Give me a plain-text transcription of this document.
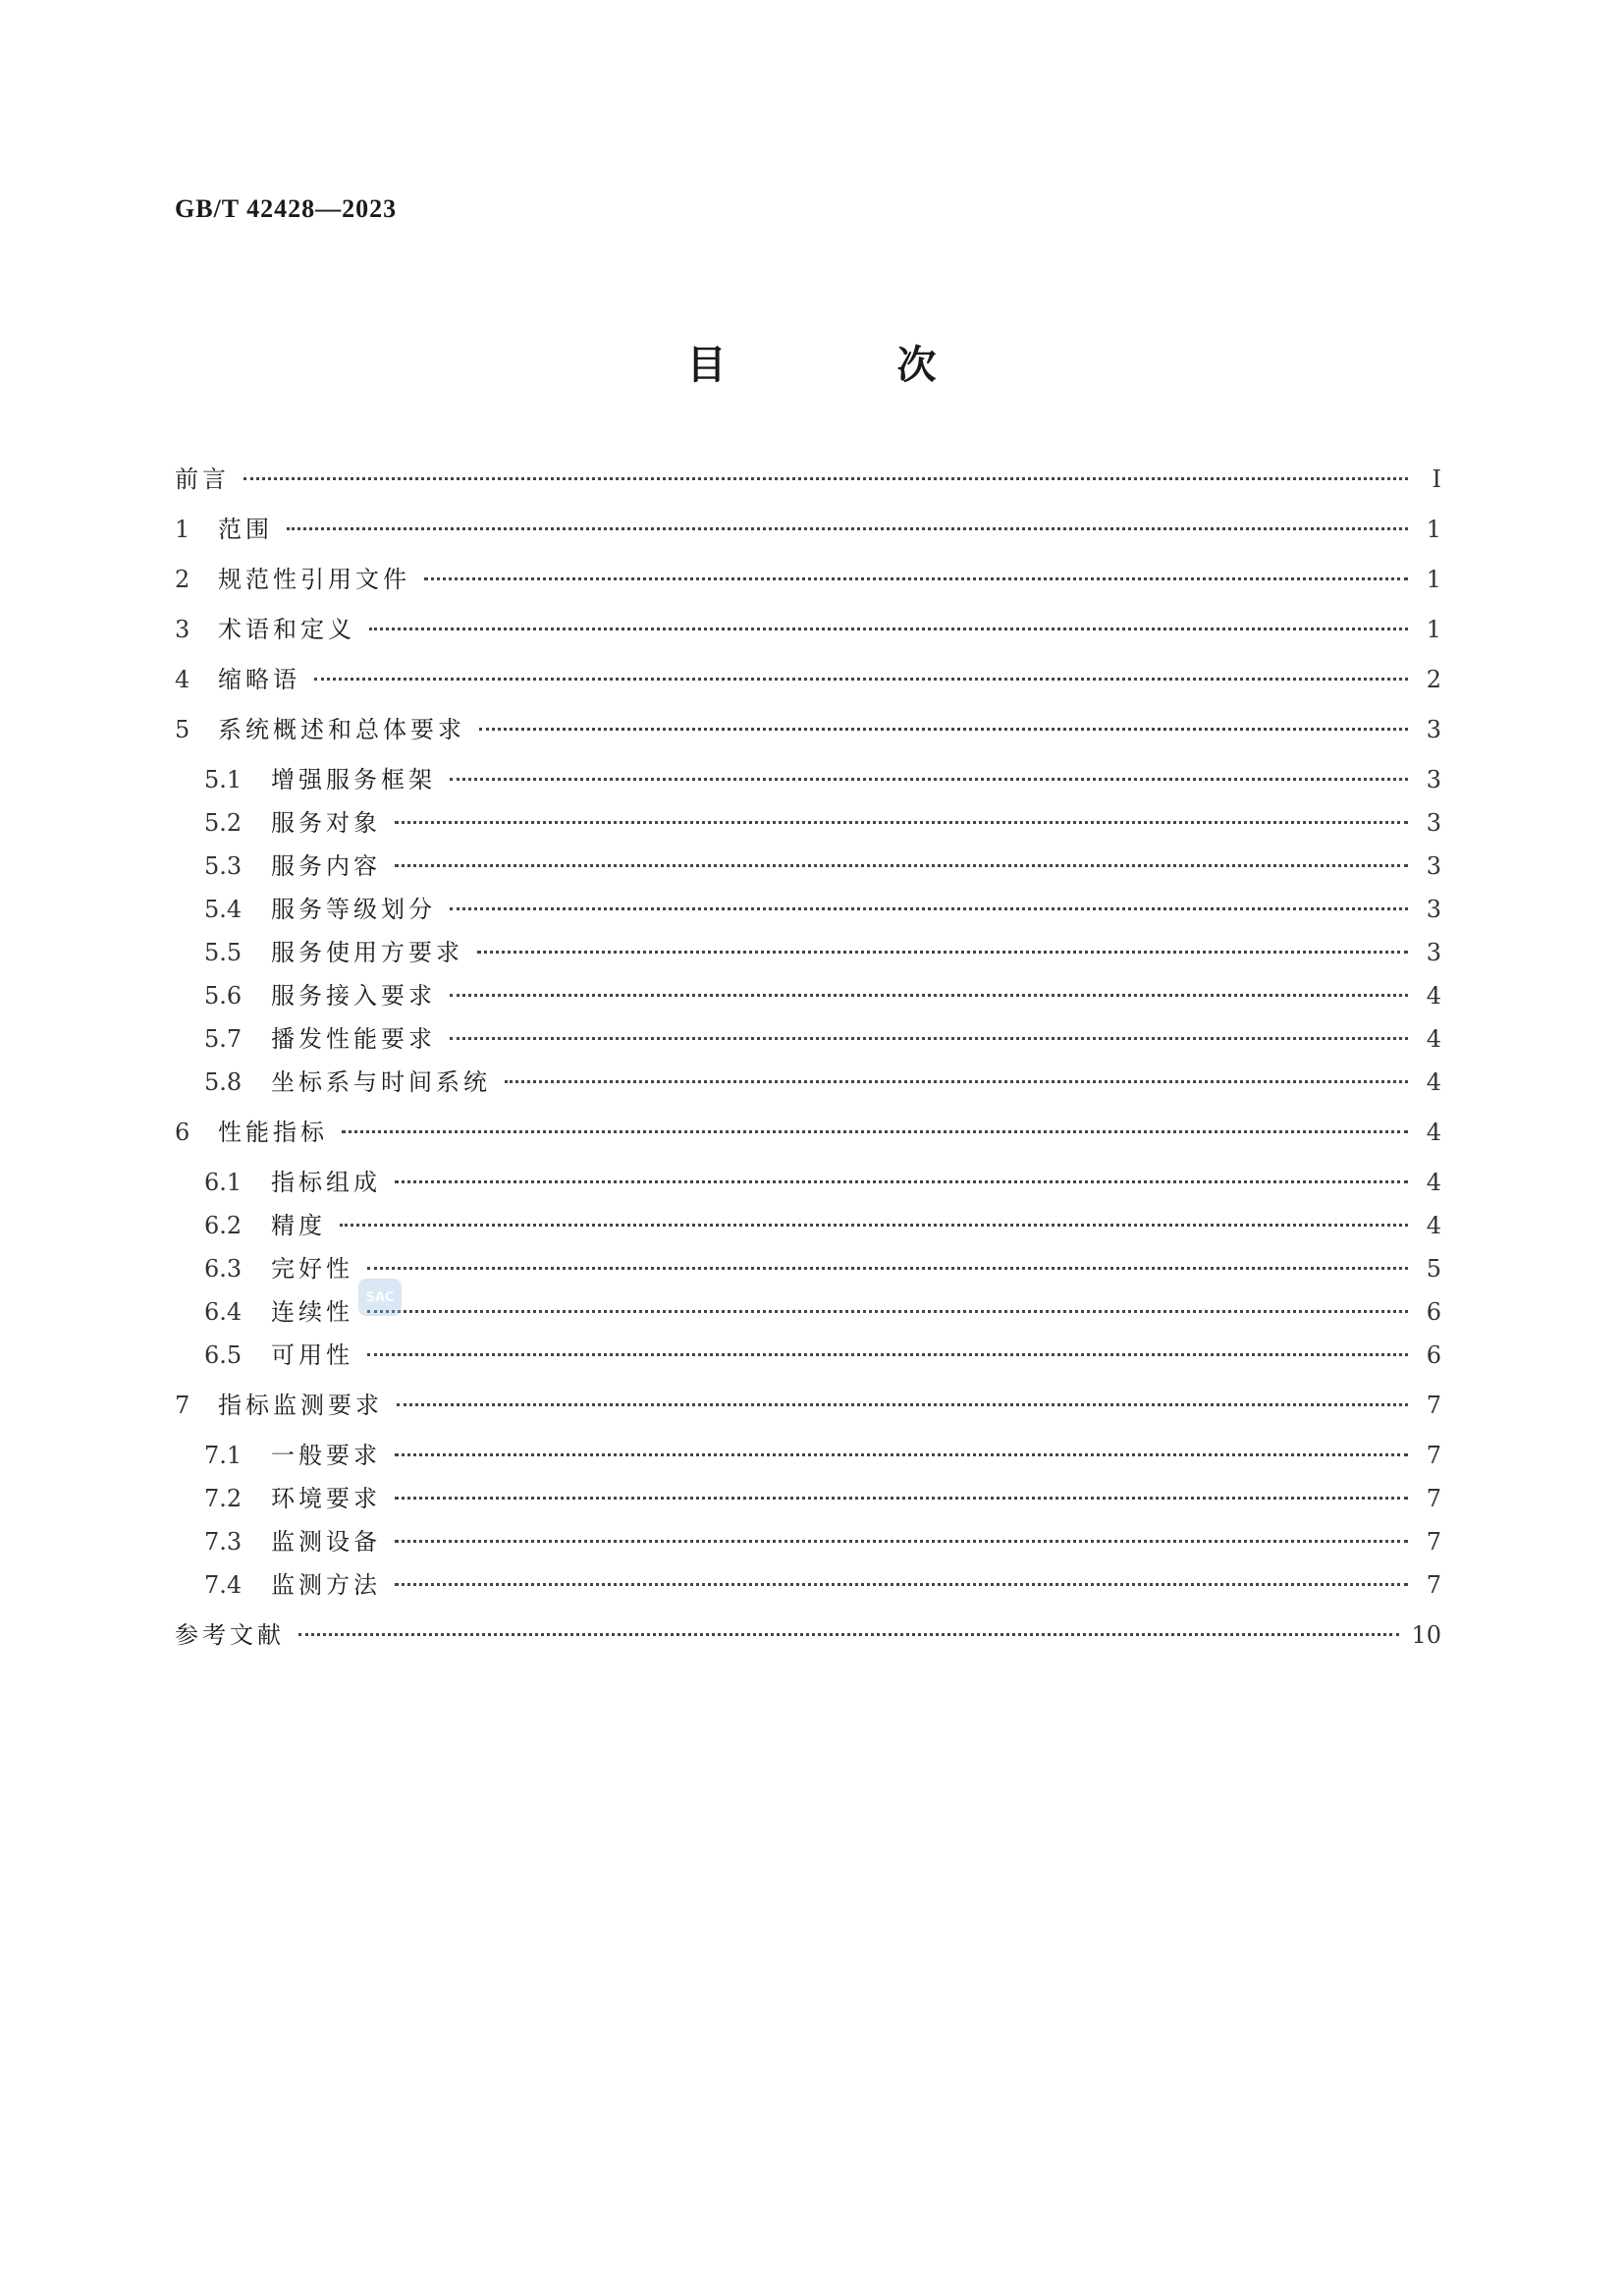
GB/T 42428—2023
目 次
前言	Ⅰ
1	范围	1
2	规范性引用文件	1
3	术语和定义	1
4	缩略语	2
5	系统概述和总体要求	3
5.1	增强服务框架	3
5.2	服务对象	3
5.3	服务内容	3
5.4	服务等级划分	3
5.5	服务使用方要求	3
5.6	服务接入要求	4
5.7	播发性能要求	4
5.8	坐标系与时间系统	4
6	性能指标	4
6.1	指标组成	4
6.2	精度	4
6.3	完好性	5
6.4	连续性	6
6.5	可用性	6
7	指标监测要求	7
7.1	一般要求	7
7.2	环境要求	7
7.3	监测设备	7
7.4	监测方法	7
参考文献	10
SAC
